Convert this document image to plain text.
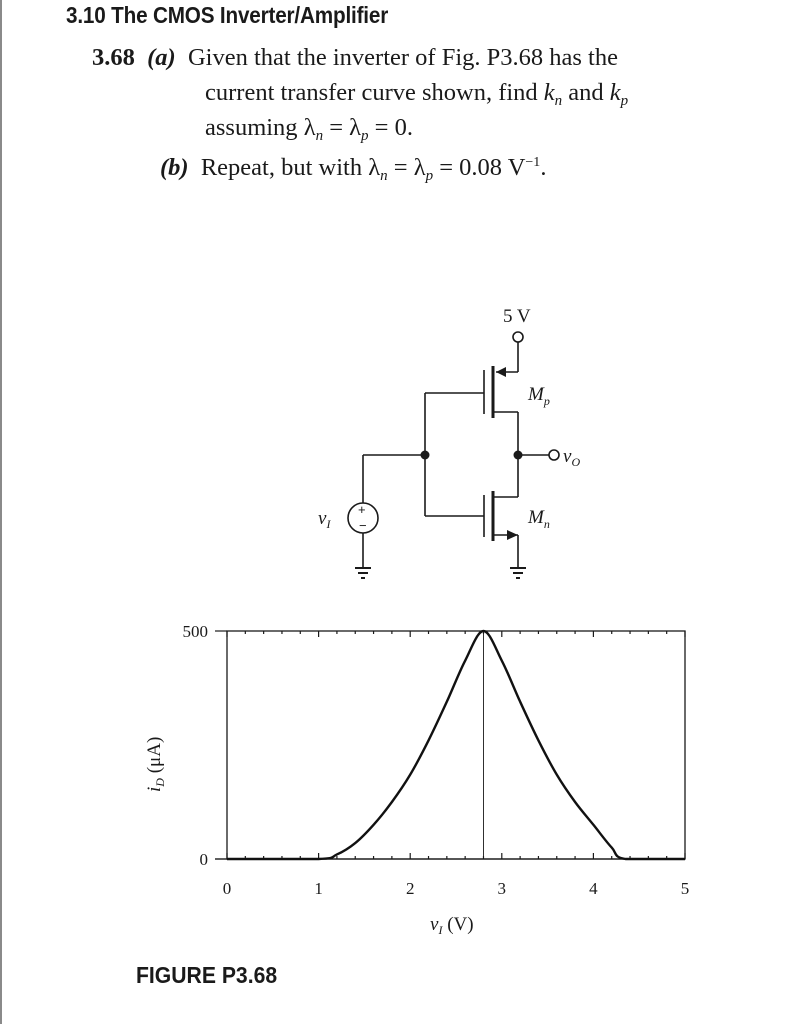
3.10 The CMOS Inverter/Amplifier
3.68 (a) Given that the inverter of Fig. P3.68 has the
current transfer curve shown, find $k_n$ and $k_p$
assuming $\lambda_n = \lambda_p = 0$.
(b) Repeat, but with $\lambda_n = \lambda_p = 0.08$ $V^{-1}$.
5 V
$M_p$
$v_O$
$M_n$
+
−
$v_I$
0	1	2	3	4	5
0
500
$v_I$ (V)
$i_D$ (μA)
FIGURE P3.68
